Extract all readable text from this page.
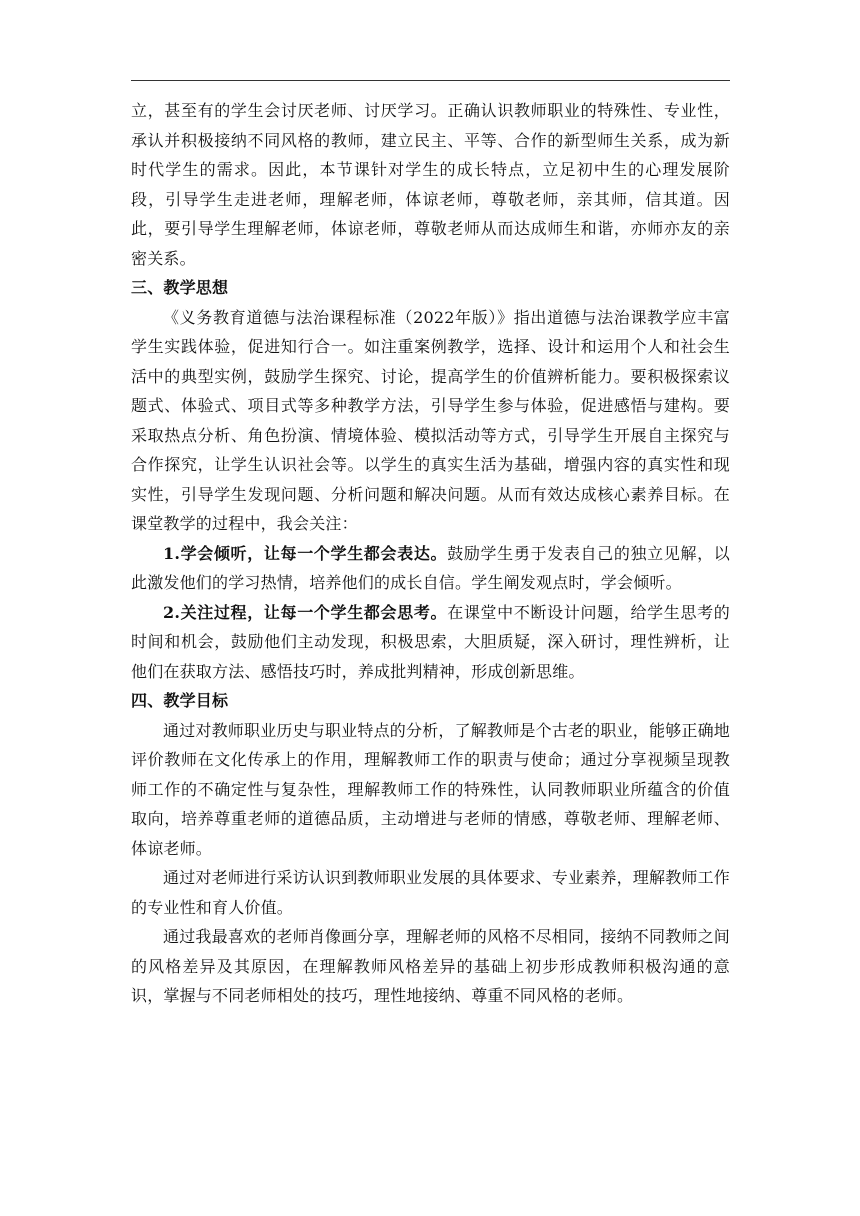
立，甚至有的学生会讨厌老师、讨厌学习。正确认识教师职业的特殊性、专业性，承认并积极接纳不同风格的教师，建立民主、平等、合作的新型师生关系，成为新时代学生的需求。因此，本节课针对学生的成长特点，立足初中生的心理发展阶段，引导学生走进老师，理解老师，体谅老师，尊敬老师，亲其师，信其道。因此，要引导学生理解老师，体谅老师，尊敬老师从而达成师生和谐，亦师亦友的亲密关系。

三、教学思想

《义务教育道德与法治课程标准（2022年版）》指出道德与法治课教学应丰富学生实践体验，促进知行合一。如注重案例教学，选择、设计和运用个人和社会生活中的典型实例，鼓励学生探究、讨论，提高学生的价值辨析能力。要积极探索议题式、体验式、项目式等多种教学方法，引导学生参与体验，促进感悟与建构。要采取热点分析、角色扮演、情境体验、模拟活动等方式，引导学生开展自主探究与合作探究，让学生认识社会等。以学生的真实生活为基础，增强内容的真实性和现实性，引导学生发现问题、分析问题和解决问题。从而有效达成核心素养目标。在课堂教学的过程中，我会关注：

1.学会倾听，让每一个学生都会表达。鼓励学生勇于发表自己的独立见解，以此激发他们的学习热情，培养他们的成长自信。学生阐发观点时，学会倾听。

2.关注过程，让每一个学生都会思考。在课堂中不断设计问题，给学生思考的时间和机会，鼓励他们主动发现，积极思索，大胆质疑，深入研讨，理性辨析，让他们在获取方法、感悟技巧时，养成批判精神，形成创新思维。

四、教学目标

通过对教师职业历史与职业特点的分析，了解教师是个古老的职业，能够正确地评价教师在文化传承上的作用，理解教师工作的职责与使命；通过分享视频呈现教师工作的不确定性与复杂性，理解教师工作的特殊性，认同教师职业所蕴含的价值取向，培养尊重老师的道德品质，主动增进与老师的情感，尊敬老师、理解老师、体谅老师。

通过对老师进行采访认识到教师职业发展的具体要求、专业素养，理解教师工作的专业性和育人价值。

通过我最喜欢的老师肖像画分享，理解老师的风格不尽相同，接纳不同教师之间的风格差异及其原因，在理解教师风格差异的基础上初步形成教师积极沟通的意识，掌握与不同老师相处的技巧，理性地接纳、尊重不同风格的老师。
